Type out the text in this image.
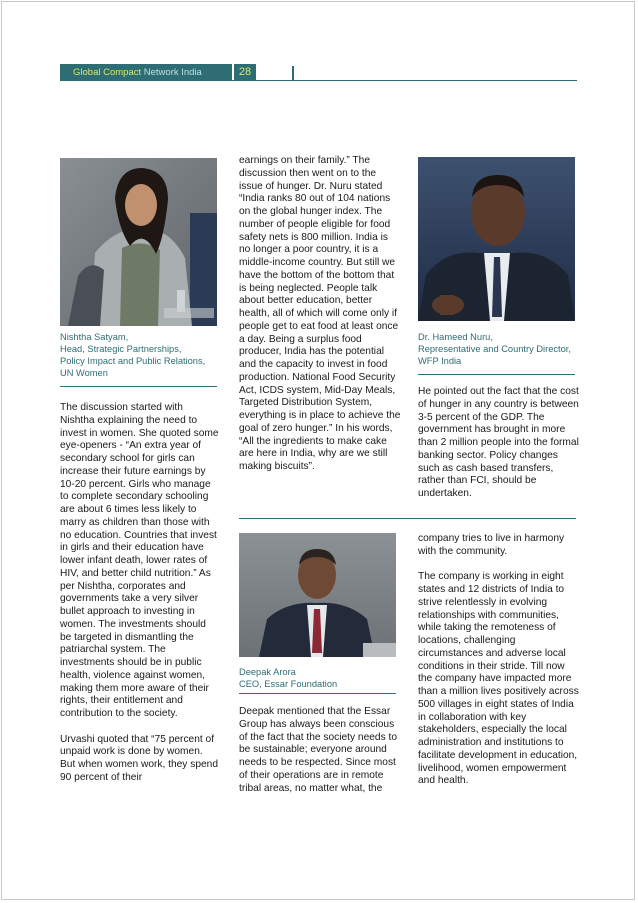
Global Compact Network India	28
Nishtha Satyam,
Head, Strategic Partnerships,
Policy Impact and Public Relations,
UN Women

The discussion started with Nishtha explaining the need to invest in women. She quoted some eye-openers - “An extra year of secondary school for girls can increase their future earnings by 10-20 percent. Girls who manage to complete secondary schooling are about 6 times less likely to marry as children than those with no education. Countries that invest in girls and their education have lower infant death, lower rates of HIV, and better child nutrition.” As per Nishtha, corporates and governments take a very silver bullet approach to investing in women. The investments should be targeted in dismantling the patriarchal system. The investments should be in public health, violence against women, making them more aware of their rights, their entitlement and contribution to the society.

Urvashi quoted that “75 percent of unpaid work is done by women. But when women work, they spend 90 percent of their

earnings on their family.” The discussion then went on to the issue of hunger. Dr. Nuru stated “India ranks 80 out of 104 nations on the global hunger index. The number of people eligible for food safety nets is 800 million. India is no longer a poor country, it is a middle-income country. But still we have the bottom of the bottom that is being neglected. People talk about better education, better health, all of which will come only if people get to eat food at least once a day. Being a surplus food producer, India has the potential and the capacity to invest in food production. National Food Security Act, ICDS system, Mid-Day Meals, Targeted Distribution System, everything is in place to achieve the goal of zero hunger.” In his words, “All the ingredients to make cake are here in India, why are we still making biscuits”.

Dr. Hameed Nuru,
Representative and Country Director,
WFP India

He pointed out the fact that the cost of hunger in any country is between 3-5 percent of the GDP. The government has brought in more than 2 million people into the formal banking sector. Policy changes such as cash based transfers, rather than FCI, should be undertaken.

Deepak Arora
CEO, Essar Foundation

Deepak mentioned that the Essar Group has always been conscious of the fact that the society needs to be sustainable; everyone around needs to be respected. Since most of their operations are in remote tribal areas, no matter what, the

company tries to live in harmony with the community.

The company is working in eight states and 12 districts of India to strive relentlessly in evolving relationships with communities, while taking the remoteness of locations, challenging circumstances and adverse local conditions in their stride. Till now the company have impacted more than a million lives positively across 500 villages in eight states of India in collaboration with key stakeholders, especially the local administration and institutions to facilitate development in education, livelihood, women empowerment and health.
